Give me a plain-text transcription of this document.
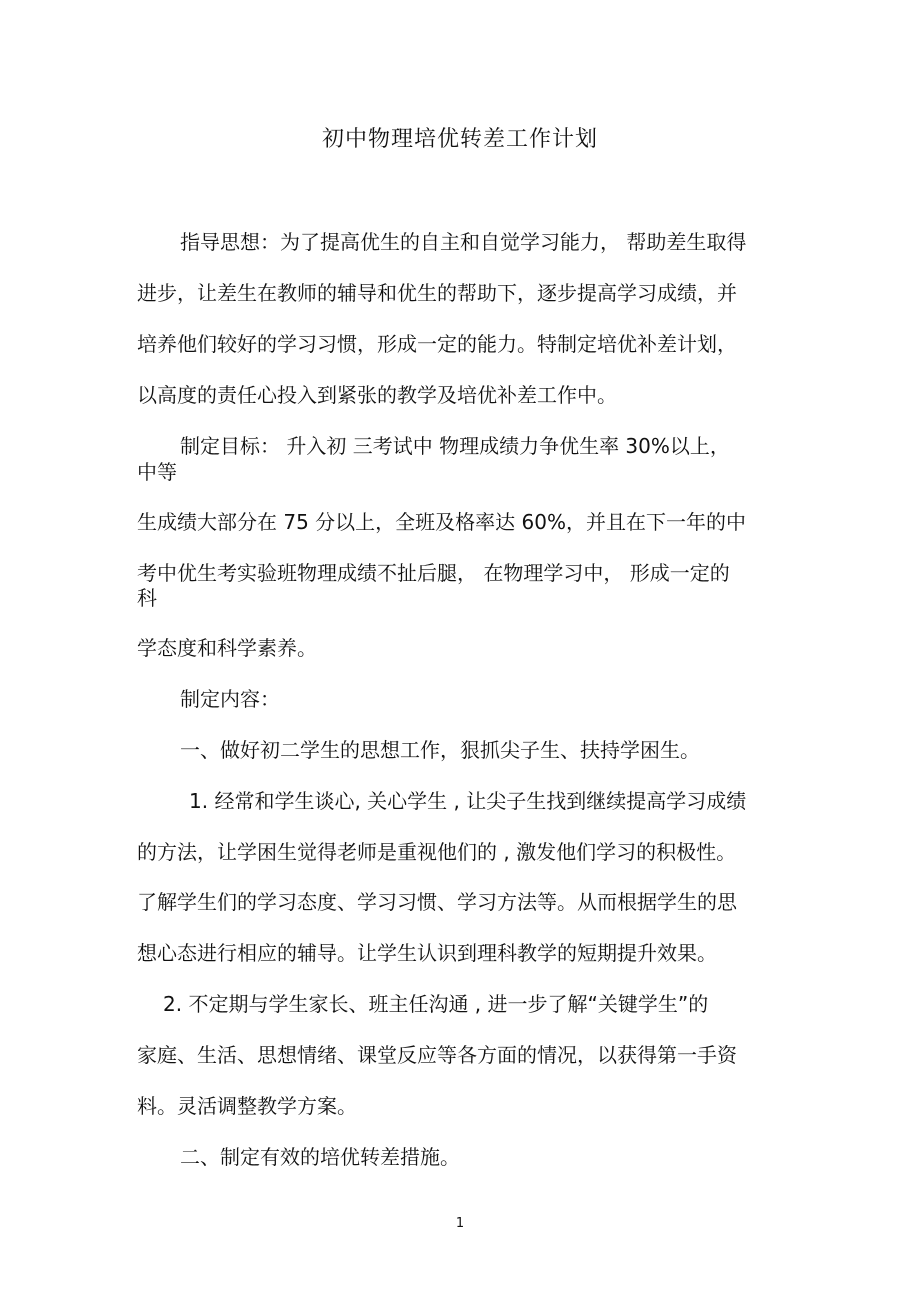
初中物理培优转差工作计划
指导思想：为了提高优生的自主和自觉学习能力， 帮助差生取得
进步，让差生在教师的辅导和优生的帮助下，逐步提高学习成绩，并
培养他们较好的学习习惯，形成一定的能力。特制定培优补差计划，
以高度的责任心投入到紧张的教学及培优补差工作中。
制定目标： 升入初 三考试中 物理成绩力争优生率 30%以上，
中等
生成绩大部分在 75 分以上，全班及格率达 60%，并且在下一年的中
考中优生考实验班物理成绩不扯后腿， 在物理学习中， 形成一定的
科
学态度和科学素养。
制定内容：
一、做好初二学生的思想工作，狠抓尖子生、扶持学困生。
1. 经常和学生谈心, 关心学生 , 让尖子生找到继续提高学习成绩
的方法，让学困生觉得老师是重视他们的 , 激发他们学习的积极性。
了解学生们的学习态度、学习习惯、学习方法等。从而根据学生的思
想心态进行相应的辅导。让学生认识到理科教学的短期提升效果。
2. 不定期与学生家长、班主任沟通 , 进一步了解“关键学生”的
家庭、生活、思想情绪、课堂反应等各方面的情况，以获得第一手资
料。灵活调整教学方案。
二、制定有效的培优转差措施。
1
